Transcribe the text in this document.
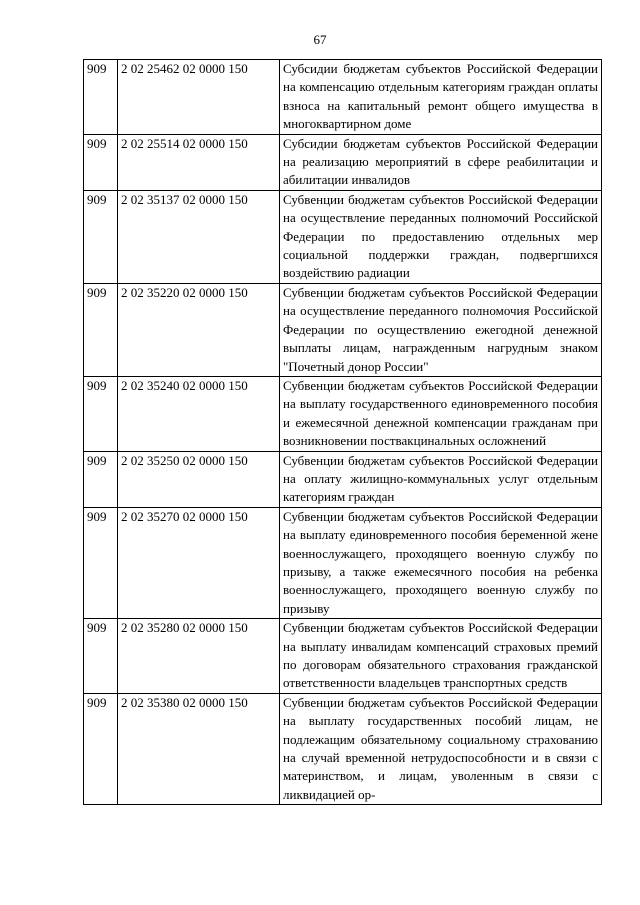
67
909	2 02 25462 02 0000 150	Субсидии бюджетам субъектов Российской Федерации на компенсацию отдельным категориям граждан оплаты взноса на капитальный ремонт общего имущества в многоквартирном доме
909	2 02 25514 02 0000 150	Субсидии бюджетам субъектов Российской Федерации на реализацию мероприятий в сфере реабилитации и абилитации инвалидов
909	2 02 35137 02 0000 150	Субвенции бюджетам субъектов Российской Федерации на осуществление переданных полномочий Российской Федерации по предоставлению отдельных мер социальной поддержки граждан, подвергшихся воздействию радиации
909	2 02 35220 02 0000 150	Субвенции бюджетам субъектов Российской Федерации на осуществление переданного полномочия Российской Федерации по осуществлению ежегодной денежной выплаты лицам, награжденным нагрудным знаком "Почетный донор России"
909	2 02 35240 02 0000 150	Субвенции бюджетам субъектов Российской Федерации на выплату государственного единовременного пособия и ежемесячной денежной компенсации гражданам при возникновении поствакцинальных осложнений
909	2 02 35250 02 0000 150	Субвенции бюджетам субъектов Российской Федерации на оплату жилищно-коммунальных услуг отдельным категориям граждан
909	2 02 35270 02 0000 150	Субвенции бюджетам субъектов Российской Федерации на выплату единовременного пособия беременной жене военнослужащего, проходящего военную службу по призыву, а также ежемесячного пособия на ребенка военнослужащего, проходящего военную службу по призыву
909	2 02 35280 02 0000 150	Субвенции бюджетам субъектов Российской Федерации на выплату инвалидам компенсаций страховых премий по договорам обязательного страхования гражданской ответственности владельцев транспортных средств
909	2 02 35380 02 0000 150	Субвенции бюджетам субъектов Российской Федерации на выплату государственных пособий лицам, не подлежащим обязательному социальному страхованию на случай временной нетрудоспособности и в связи с материнством, и лицам, уволенным в связи с ликвидацией ор-
